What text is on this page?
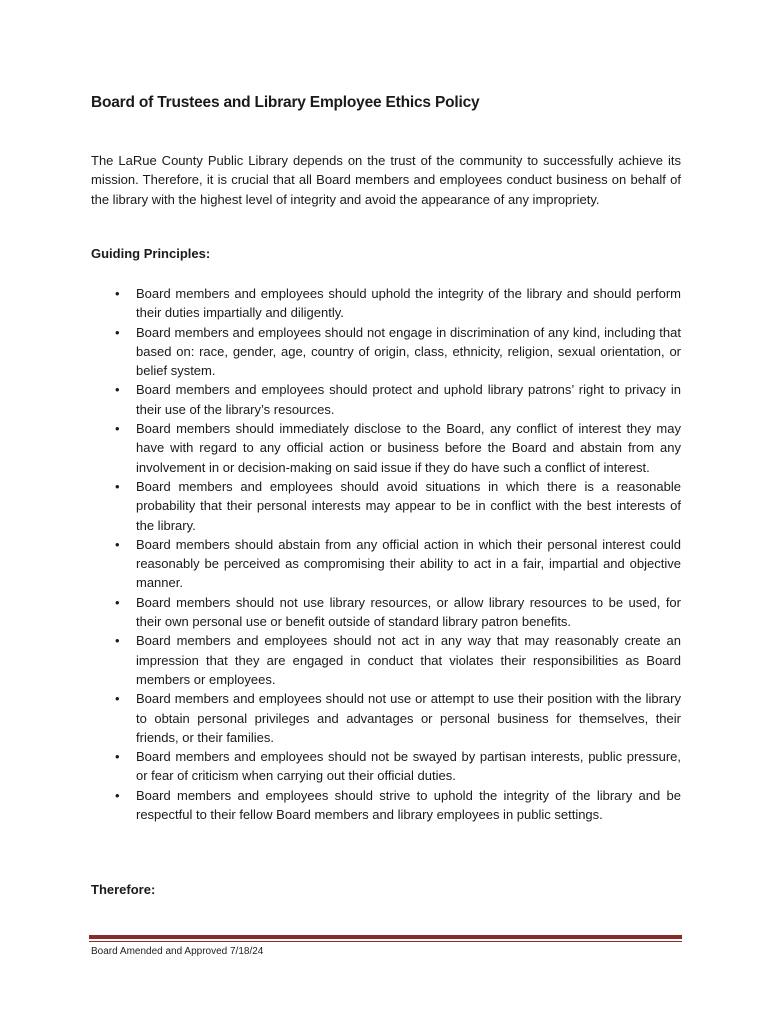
Board of Trustees and Library Employee Ethics Policy

The LaRue County Public Library depends on the trust of the community to successfully achieve its mission. Therefore, it is crucial that all Board members and employees conduct business on behalf of the library with the highest level of integrity and avoid the appearance of any impropriety.

Guiding Principles:
• Board members and employees should uphold the integrity of the library and should perform their duties impartially and diligently.
• Board members and employees should not engage in discrimination of any kind, including that based on: race, gender, age, country of origin, class, ethnicity, religion, sexual orientation, or belief system.
• Board members and employees should protect and uphold library patrons’ right to privacy in their use of the library’s resources.
• Board members should immediately disclose to the Board, any conflict of interest they may have with regard to any official action or business before the Board and abstain from any involvement in or decision-making on said issue if they do have such a conflict of interest.
• Board members and employees should avoid situations in which there is a reasonable probability that their personal interests may appear to be in conflict with the best interests of the library.
• Board members should abstain from any official action in which their personal interest could reasonably be perceived as compromising their ability to act in a fair, impartial and objective manner.
• Board members should not use library resources, or allow library resources to be used, for their own personal use or benefit outside of standard library patron benefits.
• Board members and employees should not act in any way that may reasonably create an impression that they are engaged in conduct that violates their responsibilities as Board members or employees.
• Board members and employees should not use or attempt to use their position with the library to obtain personal privileges and advantages or personal business for themselves, their friends, or their families.
• Board members and employees should not be swayed by partisan interests, public pressure, or fear of criticism when carrying out their official duties.
• Board members and employees should strive to uphold the integrity of the library and be respectful to their fellow Board members and library employees in public settings.
Therefore:

Board Amended and Approved 7/18/24
